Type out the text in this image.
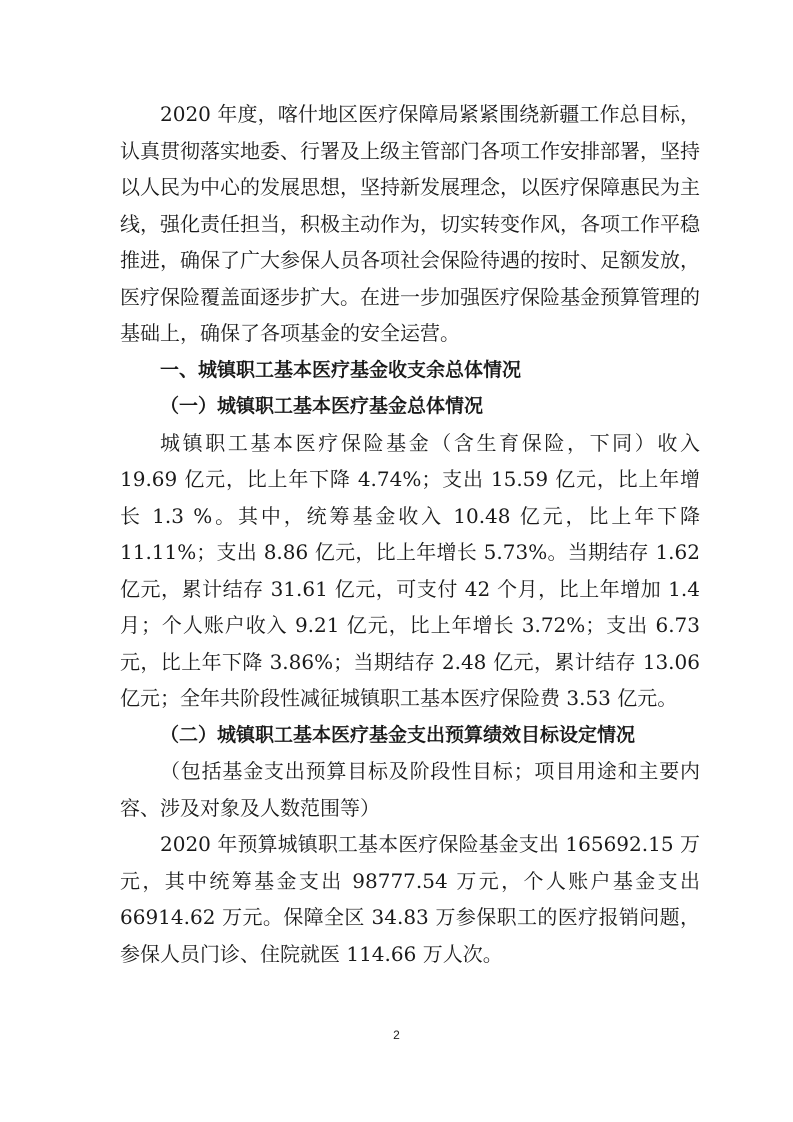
2020 年度，喀什地区医疗保障局紧紧围绕新疆工作总目标，认真贯彻落实地委、行署及上级主管部门各项工作安排部署，坚持以人民为中心的发展思想，坚持新发展理念，以医疗保障惠民为主线，强化责任担当，积极主动作为，切实转变作风，各项工作平稳推进，确保了广大参保人员各项社会保险待遇的按时、足额发放，医疗保险覆盖面逐步扩大。在进一步加强医疗保险基金预算管理的基础上，确保了各项基金的安全运营。

一、城镇职工基本医疗基金收支余总体情况

（一）城镇职工基本医疗基金总体情况

城镇职工基本医疗保险基金（含生育保险，下同）收入 19.69 亿元，比上年下降 4.74%；支出 15.59 亿元，比上年增长 1.3 %。其中，统筹基金收入 10.48 亿元，比上年下降 11.11%；支出 8.86 亿元，比上年增长 5.73%。当期结存 1.62 亿元，累计结存 31.61 亿元，可支付 42 个月，比上年增加 1.4 月；个人账户收入 9.21 亿元，比上年增长 3.72%；支出 6.73 元，比上年下降 3.86%；当期结存 2.48 亿元，累计结存 13.06 亿元；全年共阶段性减征城镇职工基本医疗保险费 3.53 亿元。

（二）城镇职工基本医疗基金支出预算绩效目标设定情况

（包括基金支出预算目标及阶段性目标；项目用途和主要内容、涉及对象及人数范围等）

2020 年预算城镇职工基本医疗保险基金支出 165692.15 万元，其中统筹基金支出 98777.54 万元，个人账户基金支出 66914.62 万元。保障全区 34.83 万参保职工的医疗报销问题，参保人员门诊、住院就医 114.66 万人次。

2
